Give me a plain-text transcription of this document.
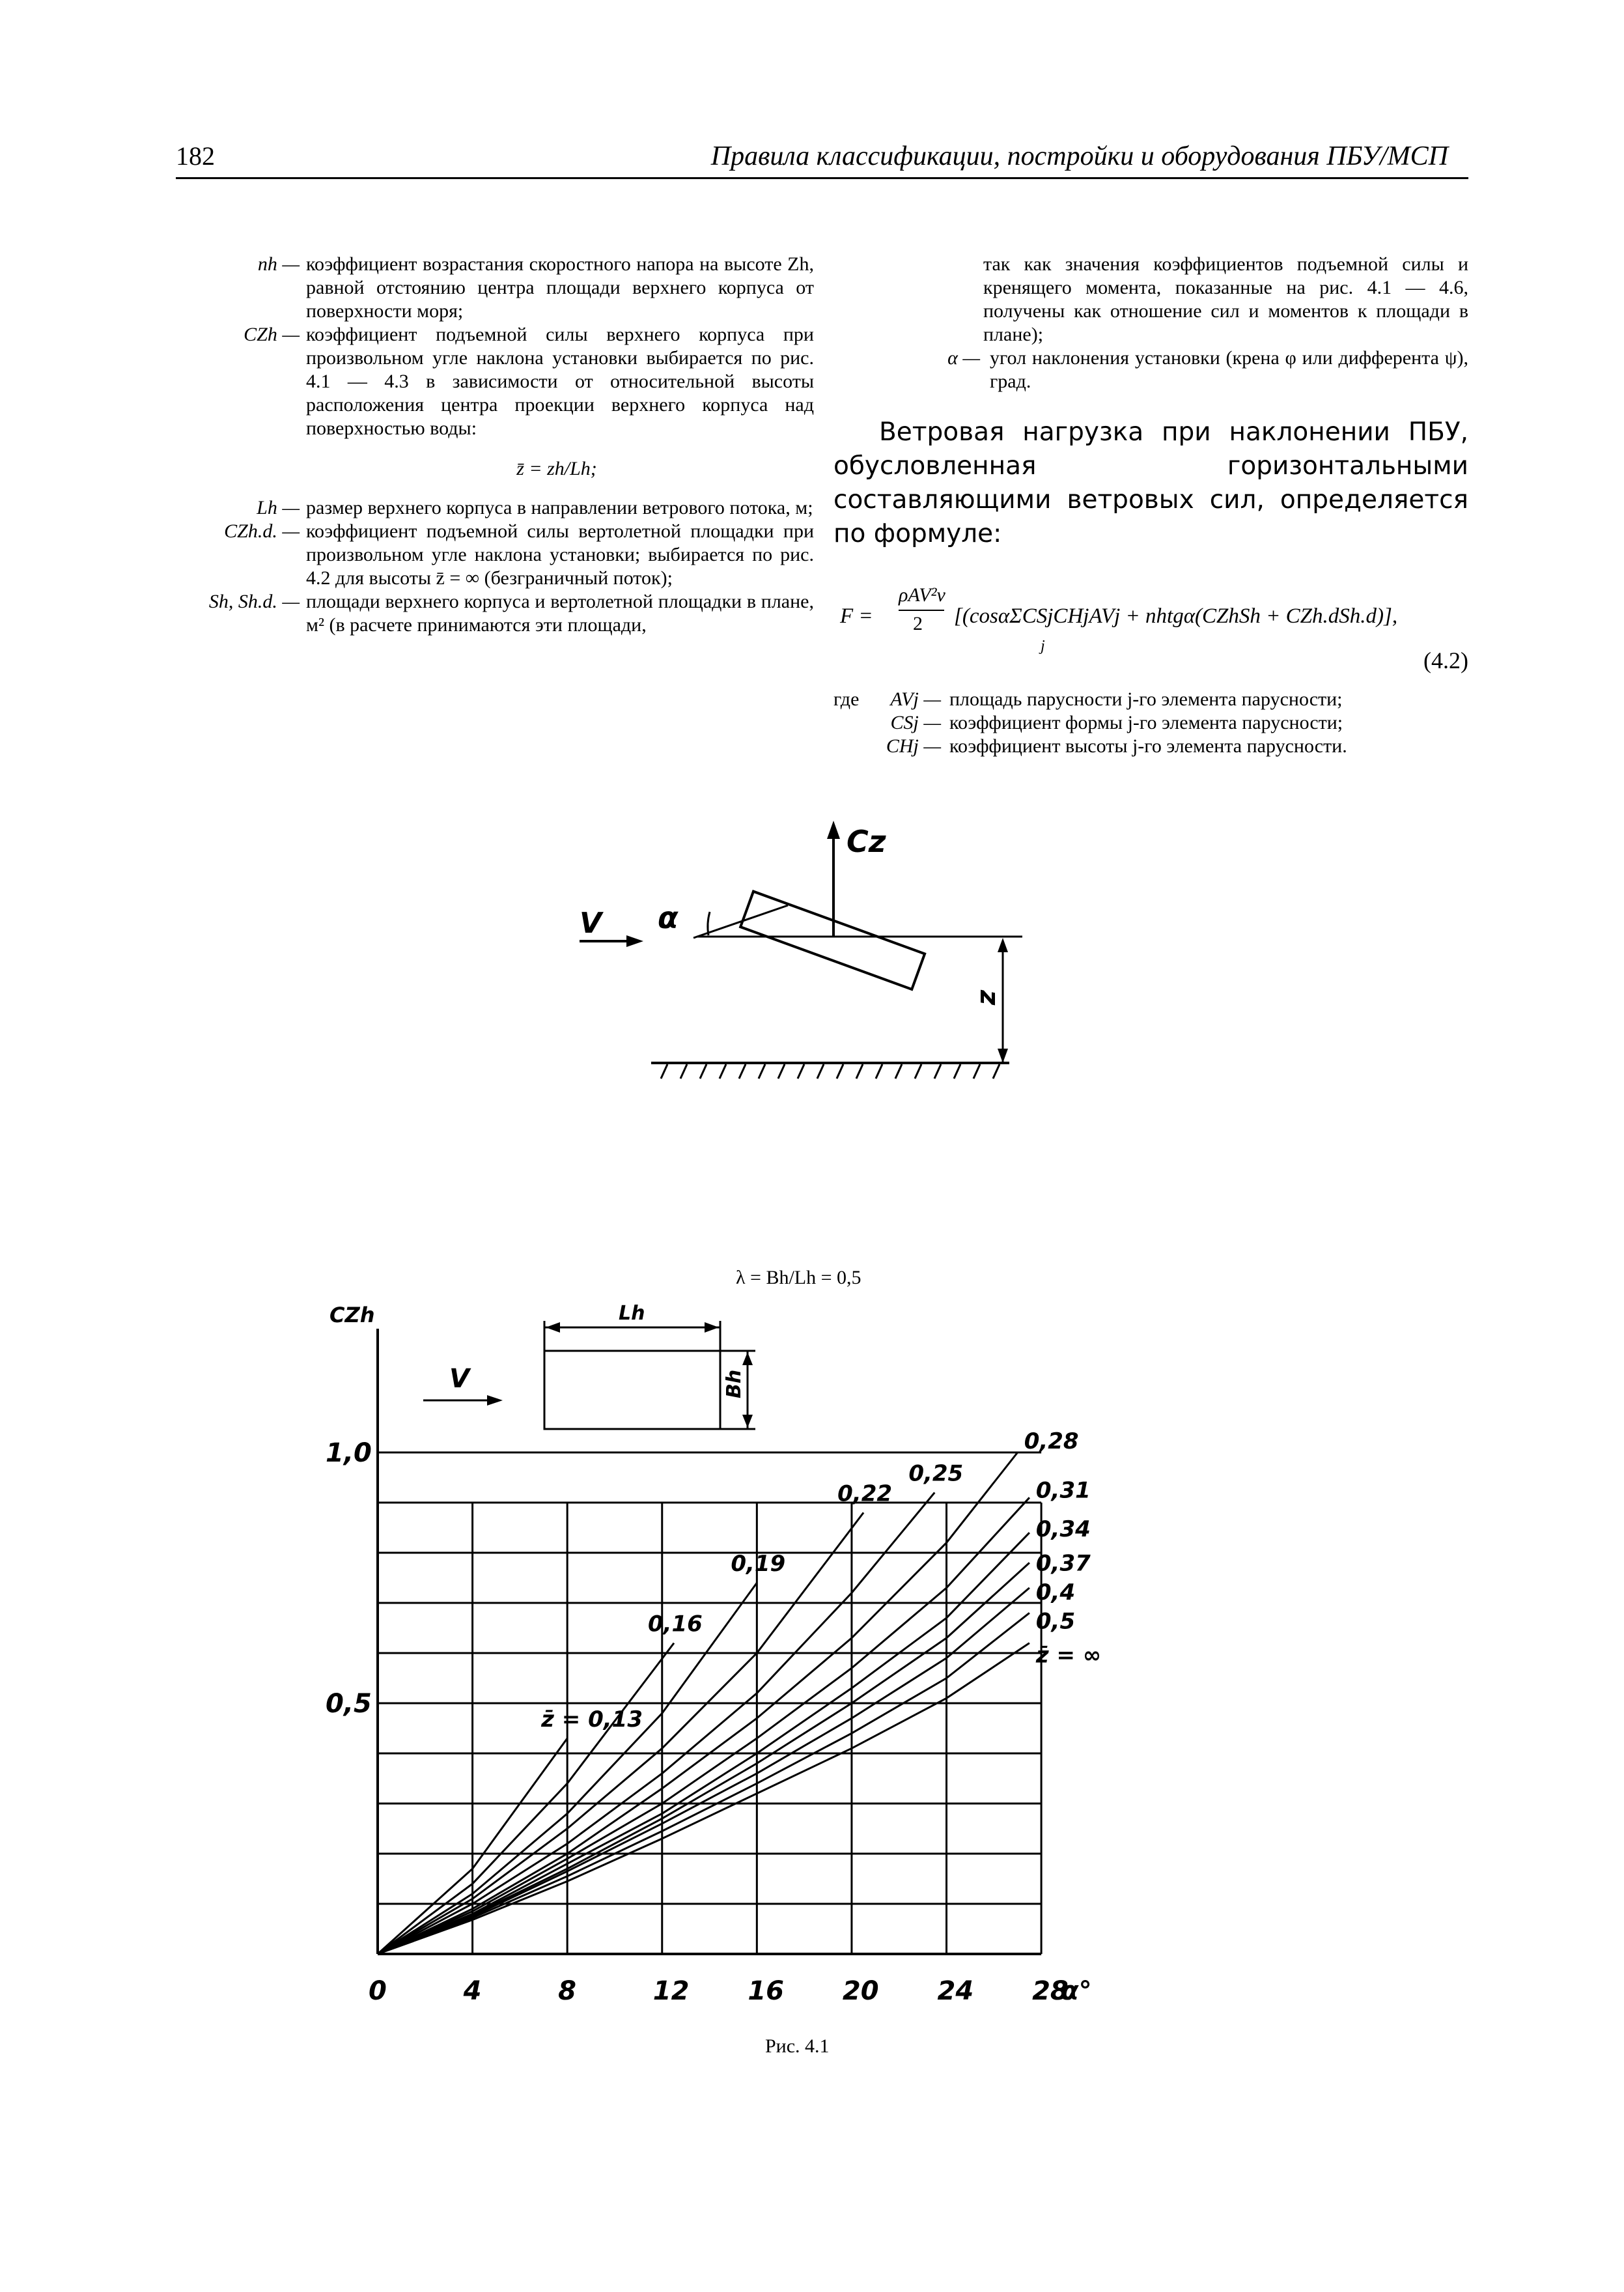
182	Правила классификации, постройки и оборудования ПБУ/МСП
nh — коэффициент возрастания скоростного напора на высоте Zh, равной отстоянию центра площади верхнего корпуса от поверхности моря;
CZh — коэффициент подъемной силы верхнего корпуса при произвольном угле наклона установки выбирается по рис. 4.1 — 4.3 в зависимости от относительной высоты расположения центра проекции верхнего корпуса над поверхностью воды:
z̄ = zh/Lh;
Lh — размер верхнего корпуса в направлении ветрового потока, м;
CZh.d. — коэффициент подъемной силы вертолетной площадки при произвольном угле наклона установки; выбирается по рис. 4.2 для высоты z̄ = ∞ (безграничный поток);
Sh, Sh.d. — площади верхнего корпуса и вертолетной площадки в плане, м² (в расчете принимаются эти площади,
так как значения коэффициентов подъемной силы и кренящего момента, показанные на рис. 4.1 — 4.6, получены как отношение сил и моментов к площади в плане);
α — угол наклонения установки (крена φ или дифферента ψ), град.
Ветровая нагрузка при наклонении ПБУ, обусловленная горизонтальными составляющими ветровых сил, определяется по формуле:
F =
ρAV²v
2 [(cosαΣCSjCHjAVj + nhtgα(CZhSh + CZh.dSh.d)],
j
(4.2)
где	AVj — площадь парусности j-го элемента парусности;
CSj — коэффициент формы j-го элемента парусности;
CHj — коэффициент высоты j-го элемента парусности.
Cz
V α
z
λ = Bh/Lh = 0,5
0	4	8	12 16 20 24 28
α°
0,5
1,0
z̄ = 0,13
0,16
0,19
0,22
0,25
0,28
0,31
0,34
0,37
0,4
0,5
z̄ = ∞
Lh
Bh
V
CZh
Рис. 4.1
